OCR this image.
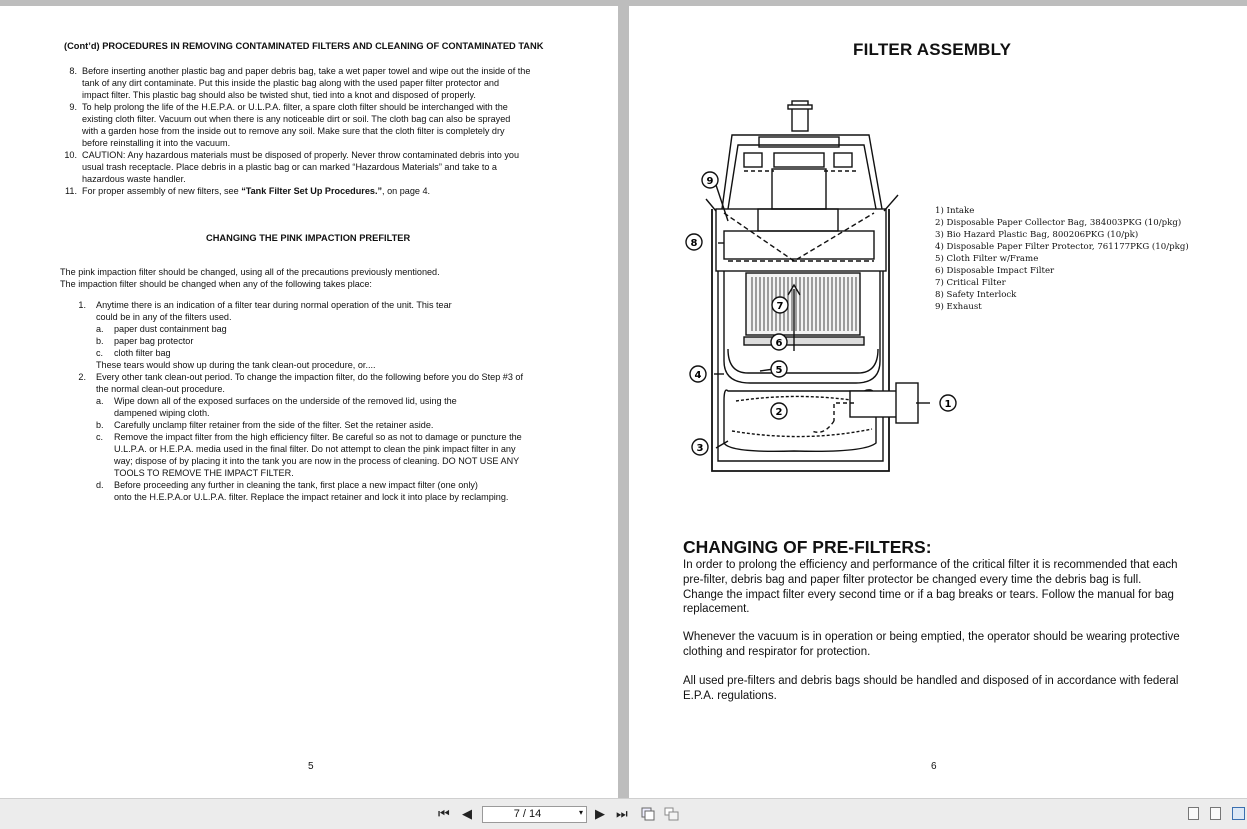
(Cont’d) PROCEDURES IN REMOVING CONTAMINATED FILTERS AND CLEANING OF CONTAMINATED TANK
8. Before inserting another plastic bag and paper debris bag, take a wet paper towel and wipe out the inside of the
tank of any dirt contaminate. Put this inside the plastic bag along with the used paper filter protector and
impact filter. This plastic bag should also be twisted shut, tied into a knot and disposed of properly.
9. To help prolong the life of the H.E.P.A. or U.L.P.A. filter, a spare cloth filter should be interchanged with the
existing cloth filter. Vacuum out when there is any noticeable dirt or soil. The cloth bag can also be sprayed
with a garden hose from the inside out to remove any soil. Make sure that the cloth filter is completely dry
before reinstalling it into the vacuum.
10. CAUTION: Any hazardous materials must be disposed of properly. Never throw contaminated debris into you
usual trash receptacle. Place debris in a plastic bag or can marked “Hazardous Materials” and take to a
hazardous waste handler.
11. For proper assembly of new filters, see “Tank Filter Set Up Procedures.”, on page 4.
CHANGING THE PINK IMPACTION PREFILTER
The pink impaction filter should be changed, using all of the precautions previously mentioned.
The impaction filter should be changed when any of the following takes place:
1. Anytime there is an indication of a filter tear during normal operation of the unit. This tear
could be in any of the filters used.
a. paper dust containment bag
b. paper bag protector
c. cloth filter bag
These tears would show up during the tank clean-out procedure, or....
2. Every other tank clean-out period. To change the impaction filter, do the following before you do Step #3 of
the normal clean-out procedure.
a. Wipe down all of the exposed surfaces on the underside of the removed lid, using the
dampened wiping cloth.
b. Carefully unclamp filter retainer from the side of the filter. Set the retainer aside.
c. Remove the impact filter from the high efficiency filter. Be careful so as not to damage or puncture the
U.L.P.A. or H.E.P.A. media used in the final filter. Do not attempt to clean the pink impact filter in any
way; dispose of by placing it into the tank you are now in the process of cleaning. DO NOT USE ANY
TOOLS TO REMOVE THE IMPACT FILTER.
d. Before proceeding any further in cleaning the tank, first place a new impact filter (one only)
onto the H.E.P.A.or U.L.P.A. filter. Replace the impact retainer and lock it into place by reclamping.
5
FILTER ASSEMBLY
9
8
7
6
5
4
2
3
1
1) Intake
2) Disposable Paper Collector Bag, 384003PKG (10/pkg)
3) Bio Hazard Plastic Bag, 800206PKG (10/pk)
4) Disposable Paper Filter Protector, 761177PKG (10/pkg)
5) Cloth Filter w/Frame
6) Disposable Impact Filter
7) Critical Filter
8) Safety Interlock
9) Exhaust
CHANGING OF PRE-FILTERS:
In order to prolong the efficiency and performance of the critical filter it is recommended that each
pre-filter, debris bag and paper filter protector be changed every time the debris bag is full.
Change the impact filter every second time or if a bag breaks or tears. Follow the manual for bag
replacement.
Whenever the vacuum is in operation or being emptied, the operator should be wearing protective
clothing and respirator for protection.
All used pre-filters and debris bags should be handled and disposed of in accordance with federal
E.P.A. regulations.
6
⏮ ◀	7 / 14	▾ ▶ ⏭
